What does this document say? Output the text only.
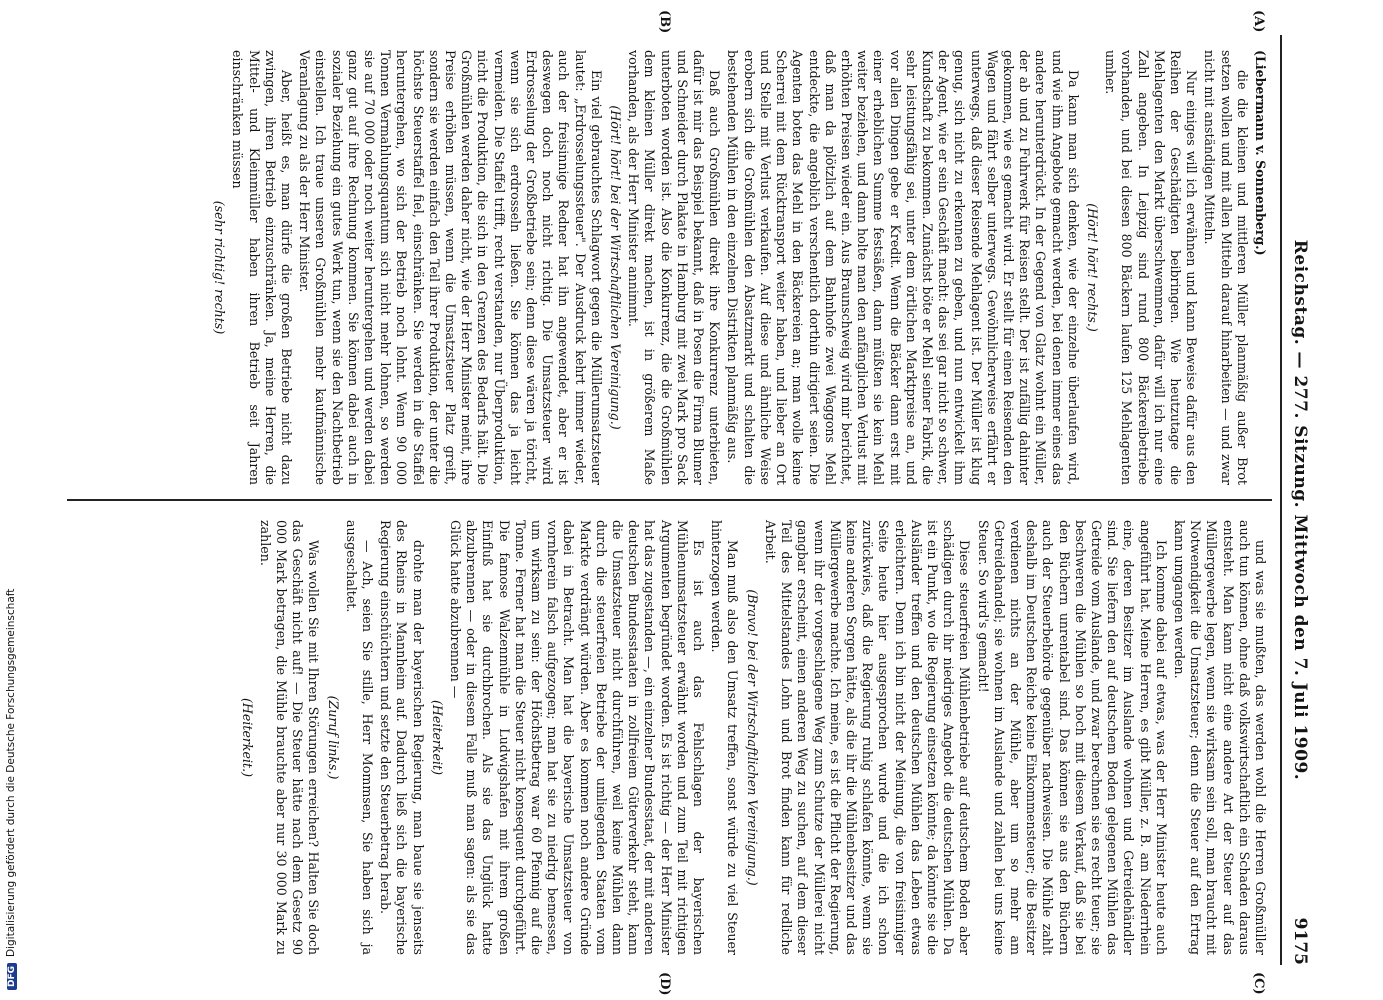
Reichstag. — 277. Sitzung. Mittwoch den 7. Juli 1909.
9175
(A)
(B)
(C)
(D)

(Liebermann v. Sonnenberg.)

die die kleinen und mittleren Müller planmäßig außer Brot setzen wollen und mit allen Mitteln darauf hinarbeiten — und zwar nicht mit anständigen Mitteln.

Nur einiges will ich erwähnen und kann Beweise dafür aus den Reihen der Geschädigten beibringen. Wie heutzutage die Mehlagenten den Markt überschwemmen, dafür will ich nur eine Zahl angeben. In Leipzig sind rund 800 Bäckereibetriebe vorhanden, und bei diesen 800 Bäckern laufen 125 Mehlagenten umher.

(Hört! hört! rechts.)

Da kann man sich denken, wie der einzelne überlaufen wird, und wie ihm Angebote gemacht werden, bei denen immer eines das andere herunterdrückt. In der Gegend von Glatz wohnt ein Müller, der ab und zu Fuhrwerk für Reisen stellt. Der ist zufällig dahinter gekommen, wie es gemacht wird. Er stellt für einen Reisenden den Wagen und fährt selber unterwegs. Gewöhnlicherweise erfährt er unterwegs, daß dieser Reisende Mehlagent ist. Der Müller ist klug genug, sich nicht zu erkennen zu geben, und nun entwickelt ihm der Agent, wie er sein Geschäft macht: das sei gar nicht so schwer, Kundschaft zu bekommen. Zunächst böte er Mehl seiner Fabrik, die sehr leistungsfähig sei, unter dem örtlichen Marktpreise an, und vor allen Dingen gebe er Kredit. Wenn die Bäcker dann erst mit einer erheblichen Summe festsäßen, dann müßten sie kein Mehl weiter beziehen, und dann holte man den anfänglichen Verlust mit erhöhten Preisen wieder ein. Aus Braunschweig wird mir berichtet, daß man da plötzlich auf dem Bahnhofe zwei Waggons Mehl entdeckte, die angeblich verschentlich dorthin dirigiert seien. Die Agenten boten das Mehl in den Bäckereien an; man wolle keine Scherrei mit dem Rücktransport weiter haben, und lieber an Ort und Stelle mit Verlust verkaufen. Auf diese und ähnliche Weise erobern sich die Großmühlen den Absatzmarkt und schalten die bestehenden Mühlen in den einzelnen Distrikten planmäßig aus.

Daß auch Großmühlen direkt ihre Konkurrenz unterbieten, dafür ist mir das Beispiel bekannt, daß in Posen die Firma Blumer und Schneider durch Plakate in Hamburg mit zwei Mark pro Sack unterboten worden ist. Also die Konkurrenz, die die Großmühlen dem kleinen Müller direkt machen, ist in größerem Maße vorhanden, als der Herr Minister annimmt.

(Hört! hört! bei der Wirtschaftlichen Vereinigung.)

Ein viel gebrauchtes Schlagwort gegen die Müllerumsatzsteuer lautet: „Erdrosselungssteuer". Der Ausdruck kehrt immer wieder, auch der freisinnige Redner hat ihn angewendet, aber er ist deswegen doch noch nicht richtig. Die Umsatzsteuer wird Erdrosselung der Großbetriebe sein; denn diese wären ja töricht, wenn sie sich erdrosseln ließen. Sie können das ja leicht vermeiden. Die Staffel trifft, recht verstanden, nur Überproduktion, nicht die Produktion, die sich in den Grenzen des Bedarfs hält. Die Großmühlen werden daher nicht, wie der Herr Minister meint, ihre Preise erhöhen müssen, wenn die Umsatzsteuer Platz greift, sondern sie werden einfach den Teil ihrer Produktion, der unter die höchste Steuerstaffel fiel, einschränken. Sie werden in die Staffel heruntergehen, wo sich der Betrieb noch lohnt. Wenn 90 000 Tonnen Vermahlungsquantum sich nicht mehr lohnen, so werden sie auf 70 000 oder noch weiter heruntergehen und werden dabei ganz gut auf ihre Rechnung kommen. Sie können dabei auch in sozialer Beziehung ein gutes Werk tun, wenn sie den Nachtbetrieb einstellen. Ich traue unseren Großmühlen mehr kaufmännische Veranlagung zu als der Herr Minister.

Aber, heißt es, man dürfe die großen Betriebe nicht dazu zwingen, ihren Betrieb einzuschränken. Ja, meine Herren, die Mittel- und Kleinmüller haben ihren Betrieb seit Jahren einschränken müssen

(sehr richtig! rechts)

und was sie mußten, das werden wohl die Herren Großmüller auch tun können, ohne daß volkswirtschaftlich ein Schaden daraus entsteht. Man kann nicht eine andere Art der Steuer auf das Müllergewerbe legen, wenn sie wirksam sein soll, man braucht mit Notwendigkeit die Umsatzsteuer; denn die Steuer auf den Ertrag kann umgangen werden.

Ich komme dabei auf etwas, was der Herr Minister heute auch angeführt hat. Meine Herren, es gibt Müller, z. B. am Niederrhein eine, deren Besitzer im Auslande wohnen und Getreidehändler sind. Sie liefern den auf deutschem Boden gelegenen Mühlen das Getreide vom Auslande, und zwar berechnen sie es recht teuer; sie beschweren die Mühlen so hoch mit diesem Verkauf, daß sie bei den Büchern unrentabel sind. Das können sie aus den Büchern auch der Steuerbehörde gegenüber nachweisen. Die Mühle zahlt deshalb im Deutschen Reiche keine Einkommensteuer; die Besitzer verdienen nichts an der Mühle, aber um so mehr am Getreidehandel; sie wohnen im Auslande und zahlen bei uns keine Steuer. So wird's gemacht!

Diese steuerfreien Mühlenbetriebe auf deutschem Boden aber schädigen durch ihr niedriges Angebot die deutschen Mühlen. Da ist ein Punkt, wo die Regierung einsetzen könnte; da könnte sie die Ausländer treffen und den deutschen Mühlen das Leben etwas erleichtern. Denn ich bin nicht der Meinung, die von freisinniger Seite heute hier ausgesprochen wurde und die ich schon zurückwies, daß die Regierung ruhig schlafen könnte, wenn sie keine anderen Sorgen hätte, als die ihr die Mühlenbesitzer und das Müllergewerbe machte. Ich meine, es ist die Pflicht der Regierung, wenn ihr der vorgeschlagene Weg zum Schutze der Müllerei nicht gangbar erscheint, einen anderen Weg zu suchen, auf dem dieser Teil des Mittelstandes Lohn und Brot finden kann für redliche Arbeit.

(Bravo! bei der Wirtschaftlichen Vereinigung.)

Man muß also den Umsatz treffen, sonst würde zu viel Steuer hinterzogen werden.

Es ist auch das Fehlschlagen der bayerischen Mühlenumsatzsteuer erwähnt worden und zum Teil mit richtigen Argumenten begründet worden. Es ist richtig — der Herr Minister hat das zugestanden —, ein einzelner Bundesstaat, der mit anderen deutschen Bundesstaaten in zollfreiem Güterverkehr steht, kann die Umsatzsteuer nicht durchführen, weil keine Mühlen dann durch die steuerfreien Betriebe der umliegenden Staaten vom Markte verdrängt würden. Aber es kommen noch andere Gründe dabei in Betracht. Man hat die bayerische Umsatzsteuer von vornherein falsch aufgezogen; man hat sie zu niedrig bemessen, um wirksam zu sein: der Höchstbetrag war 60 Pfennig auf die Tonne. Ferner hat man die Steuer nicht konsequent durchgeführt. Die famose Walzenmühle in Ludwigshafen mit ihrem großen Einfluß hat sie durchbrochen. Als sie das Unglück hatte abzubrennen — oder in diesem Falle muß man sagen: als sie das Glück hatte abzubrennen —

(Heiterkeit)

drohte man der bayerischen Regierung, man baue sie jenseits des Rheins in Mannheim auf. Dadurch ließ sich die bayerische Regierung einschüchtern und setzte den Steuerbetrag herab.

— Ach, seien Sie stille, Herr Mommsen, Sie haben sich ja ausgeschaltet.

(Zuruf links.)

Was wollen Sie mit Ihren Störungen erreichen? Halten Sie doch das Geschäft nicht auf! — Die Steuer hätte nach dem Gesetz 90 000 Mark betragen, die Mühle brauchte aber nur 30 000 Mark zu zahlen.

(Heiterkeit.)

DFGDigitalisierung gefördert durch die Deutsche Forschungsgemeinschaft
